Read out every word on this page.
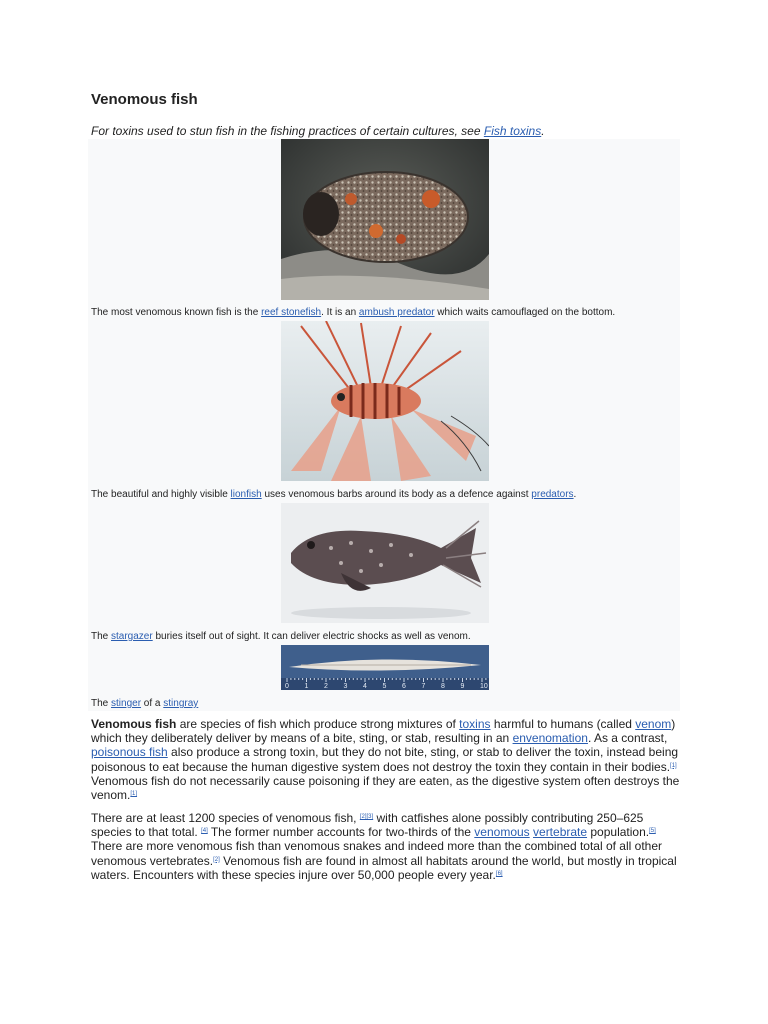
Venomous fish
For toxins used to stun fish in the fishing practices of certain cultures, see Fish toxins.
The most venomous known fish is the reef stonefish. It is an ambush predator which waits camouflaged on the bottom.
The beautiful and highly visible lionfish uses venomous barbs around its body as a defence against predators.
The stargazer buries itself out of sight. It can deliver electric shocks as well as venom.
0 1 2 3 4 5 6 7 8 9 10
The stinger of a stingray

Venomous fish are species of fish which produce strong mixtures of toxins harmful to humans (called venom) which they deliberately deliver by means of a bite, sting, or stab, resulting in an envenomation. As a contrast, poisonous fish also produce a strong toxin, but they do not bite, sting, or stab to deliver the toxin, instead being poisonous to eat because the human digestive system does not destroy the toxin they contain in their bodies.[1] Venomous fish do not necessarily cause poisoning if they are eaten, as the digestive system often destroys the venom.[1]

There are at least 1200 species of venomous fish, [2][3] with catfishes alone possibly contributing 250–625 species to that total. [4] The former number accounts for two-thirds of the venomous vertebrate population.[5] There are more venomous fish than venomous snakes and indeed more than the combined total of all other venomous vertebrates.[2] Venomous fish are found in almost all habitats around the world, but mostly in tropical waters. Encounters with these species injure over 50,000 people every year.[6]
